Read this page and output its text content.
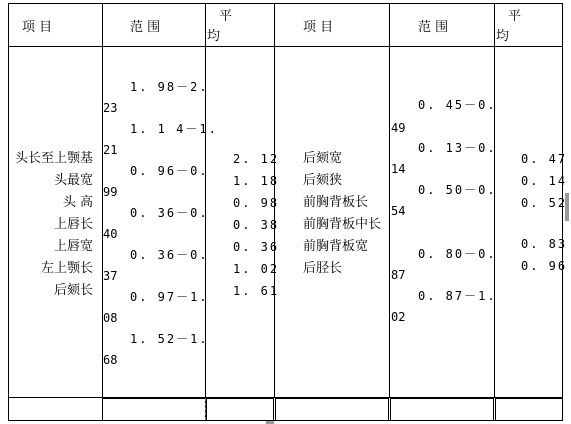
项 目	范 围
平
均
项 目	范 围
平
均
头长至上颚基
头最宽
头 高
上唇长
上唇宽
左上颚长
后颏长
1. 98－2.
23
1. 1 4－1.
21
0. 96－0.
99
0. 36－0.
40
0. 36－0.
37
0. 97－1.
08
1. 52－1.
68
2. 12
1. 18
0. 98
0. 38
0. 36
1. 02
1. 61
后颏宽
后颏狭
前胸背板长
前胸背板中长
前胸背板宽
后胫长
0. 45－0.
49
0. 13－0.
14
0. 50－0.
54
0. 80－0.
87
0. 87－1.
02
0. 47
0. 14
0. 52
0. 83
0. 96
